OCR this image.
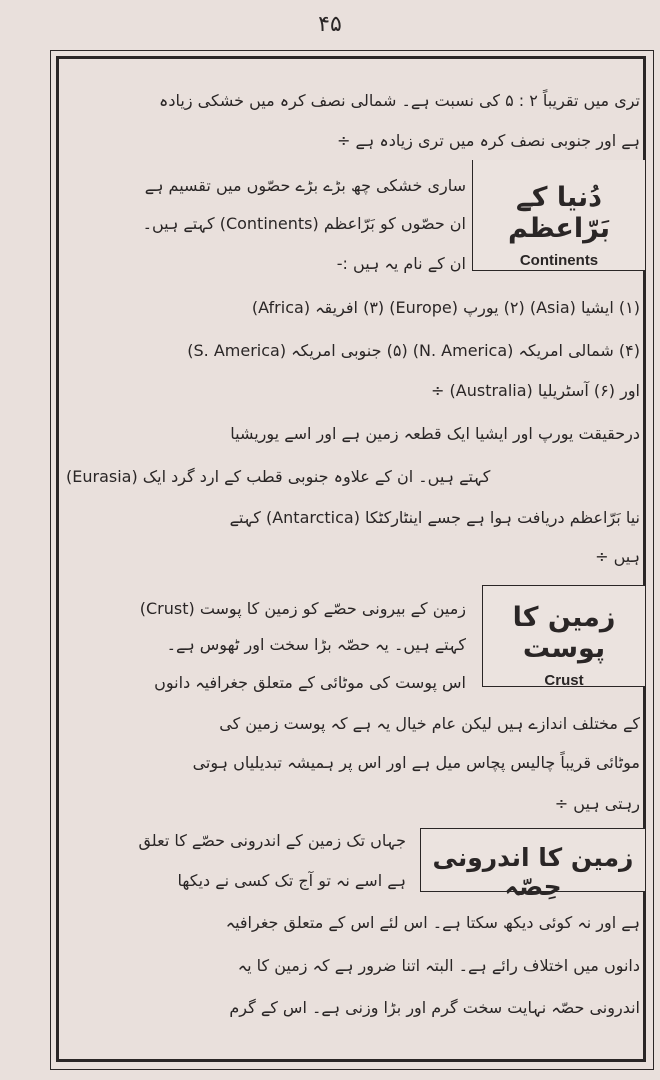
۴۵
تری میں تقریباً ۲ : ۵ کی نسبت ہے۔ شمالی نصف کرہ میں خشکی زیادہ
ہے اور جنوبی نصف کرہ میں تری زیادہ ہے ÷
دُنیا کے بَرّاعظم
Continents
ساری خشکی چھ بڑے بڑے حصّوں میں تقسیم ہے
ان حصّوں کو بَرّاعظم (Continents) کہتے ہیں۔
ان کے نام یہ ہیں :-
(۱) ایشیا (Asia) (۲) یورپ (Europe) (۳) افریقہ (Africa)
(۴) شمالی امریکہ (N. America) (۵) جنوبی امریکہ (S. America)
اور (۶) آسٹریلیا (Australia) ÷
درحقیقت یورپ اور ایشیا ایک قطعہ زمین ہے اور اسے یوریشیا
(Eurasia) کہتے ہیں۔ ان کے علاوہ جنوبی قطب کے ارد گرد ایک
نیا بَرّاعظم دریافت ہوا ہے جسے اینٹارکٹکا (Antarctica) کہتے
ہیں ÷
زمین کا پوست
Crust
زمین کے بیرونی حصّے کو زمین کا پوست (Crust)
کہتے ہیں۔ یہ حصّہ بڑا سخت اور ٹھوس ہے۔
اس پوست کی موٹائی کے متعلق جغرافیہ دانوں
کے مختلف اندازے ہیں لیکن عام خیال یہ ہے کہ پوست زمین کی
موٹائی قریباً چالیس پچاس میل ہے اور اس پر ہمیشہ تبدیلیاں ہوتی
رہتی ہیں ÷
زمین کا اندرونی حِصّہ
جہاں تک زمین کے اندرونی حصّے کا تعلق
ہے اسے نہ تو آج تک کسی نے دیکھا
ہے اور نہ کوئی دیکھ سکتا ہے۔ اس لئے اس کے متعلق جغرافیہ
دانوں میں اختلاف رائے ہے۔ البتہ اتنا ضرور ہے کہ زمین کا یہ
اندرونی حصّہ نہایت سخت گرم اور بڑا وزنی ہے۔ اس کے گرم
